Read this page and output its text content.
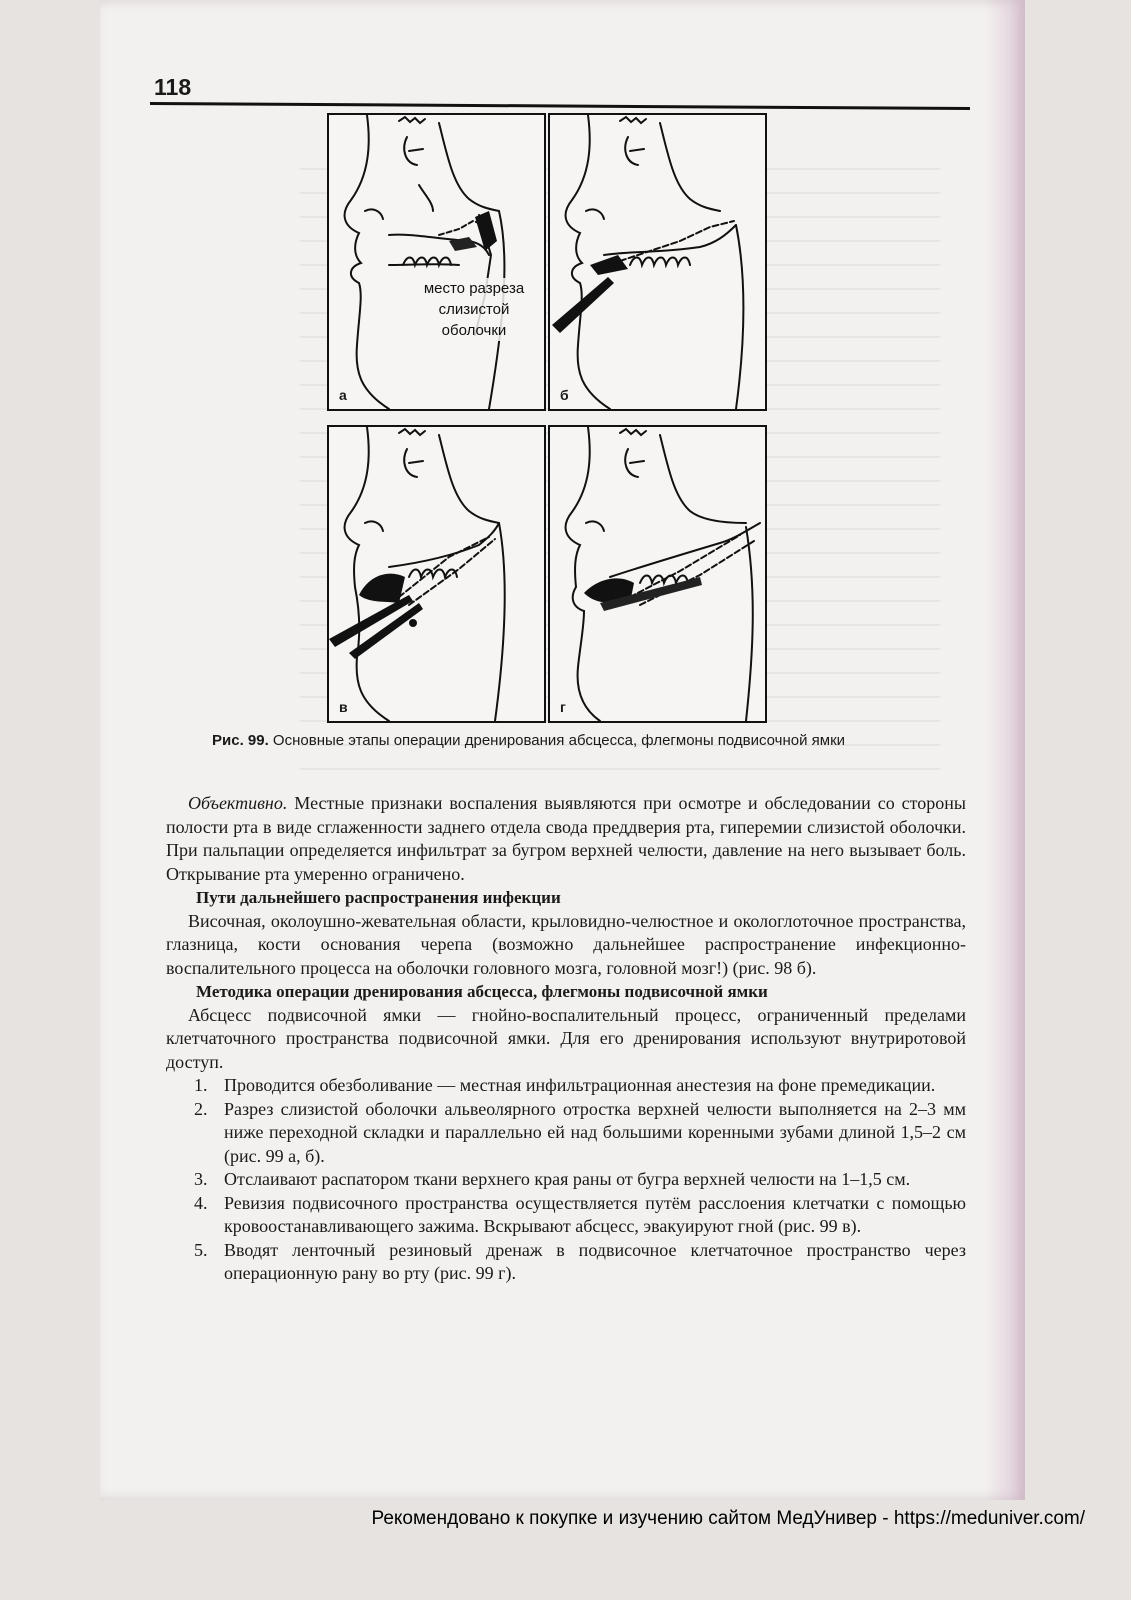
118
место разреза
слизистой
оболочки
а	б
в	г
Рис. 99. Основные этапы операции дренирования абсцесса, флегмоны подвисочной ямки

Объективно. Местные признаки воспаления выявляются при осмотре и обследовании со стороны полости рта в виде сглаженности заднего отдела свода преддверия рта, гиперемии слизистой оболочки. При пальпации определяется инфильтрат за бугром верхней челюсти, давление на него вызывает боль. Открывание рта умеренно ограничено.

Пути дальнейшего распространения инфекции

Височная, околоушно-жевательная области, крыловидно-челюстное и окологлоточное пространства, глазница, кости основания черепа (возможно дальнейшее распространение инфекционно-воспалительного процесса на оболочки головного мозга, головной мозг!) (рис. 98 б).

Методика операции дренирования абсцесса, флегмоны подвисочной ямки

Абсцесс подвисочной ямки — гнойно-воспалительный процесс, ограниченный пределами клетчаточного пространства подвисочной ямки. Для его дренирования используют внутриротовой доступ.

1. Проводится обезболивание — местная инфильтрационная анестезия на фоне премедикации.
2. Разрез слизистой оболочки альвеолярного отростка верхней челюсти выполняется на 2–3 мм ниже переходной складки и параллельно ей над большими коренными зубами длиной 1,5–2 см (рис. 99 а, б).
3. Отслаивают распатором ткани верхнего края раны от бугра верхней челюсти на 1–1,5 см.
4. Ревизия подвисочного пространства осуществляется путём расслоения клетчатки с помощью кровоостанавливающего зажима. Вскрывают абсцесс, эвакуируют гной (рис. 99 в).
5. Вводят ленточный резиновый дренаж в подвисочное клетчаточное пространство через операционную рану во рту (рис. 99 г).
Рекомендовано к покупке и изучению сайтом МедУнивер - https://meduniver.com/
